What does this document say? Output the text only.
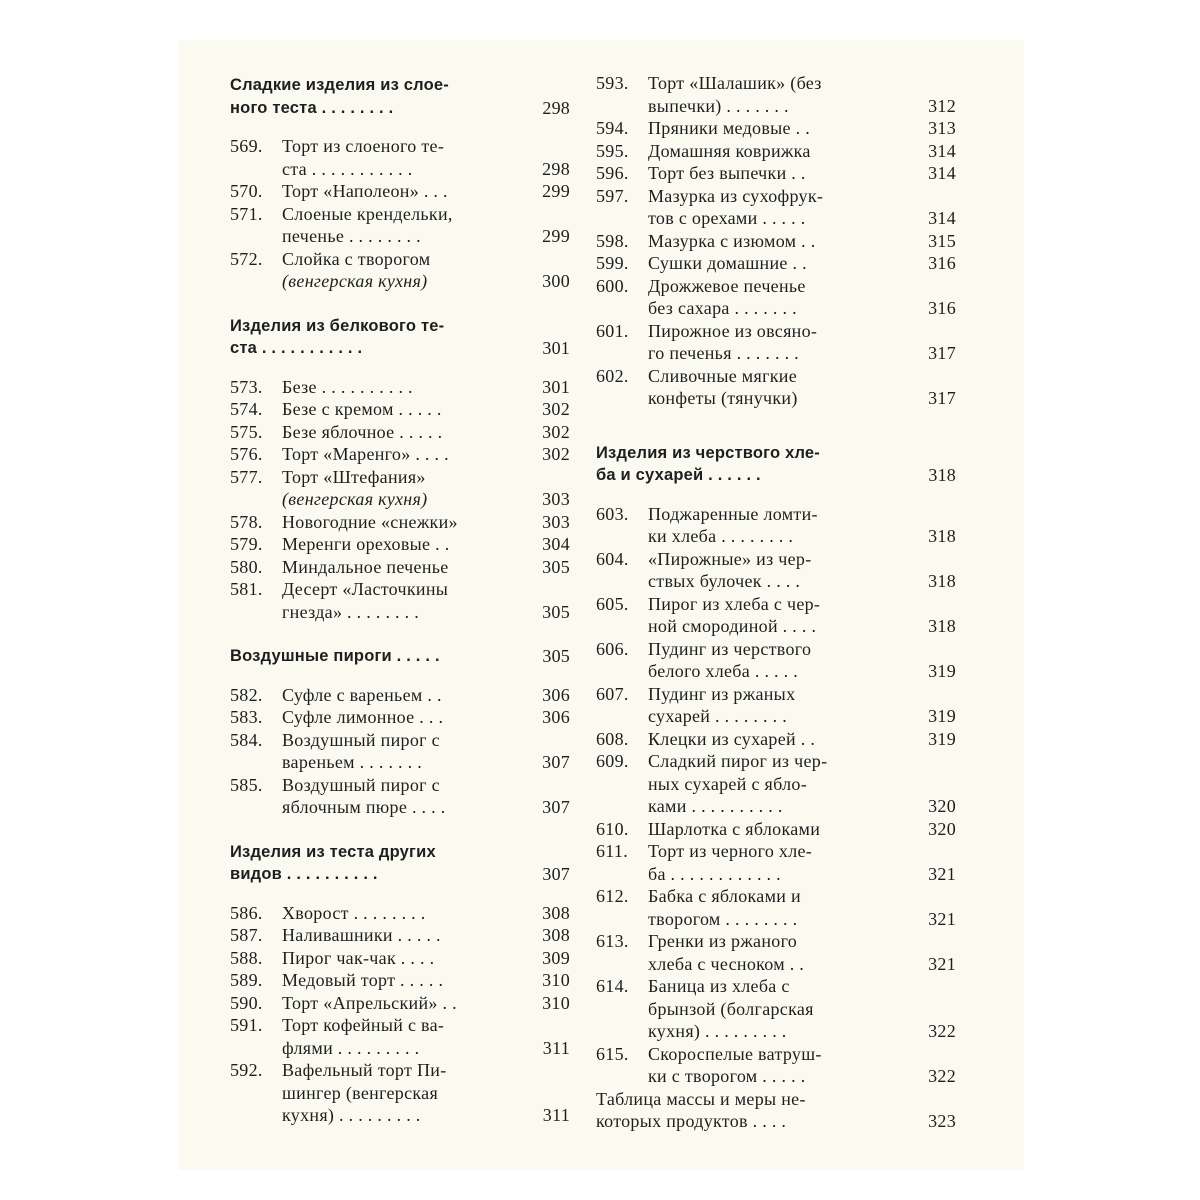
Сладкие изделия из слое-
ного теста . . . . . . . .	298
569.	Торт из слоеного те-
ста . . . . . . . . . . .	298
570.	Торт «Наполеон» . . .	299
571.	Слоеные крендельки,
печенье . . . . . . . .	299
572.	Слойка с творогом
(венгерская кухня)	300
Изделия из белкового те-
ста . . . . . . . . . . .	301
573.	Безе . . . . . . . . . .	301
574.	Безе с кремом . . . . .	302
575.	Безе яблочное . . . . .	302
576.	Торт «Маренго» . . . .	302
577.	Торт «Штефания»
(венгерская кухня)	303
578.	Новогодние «снежки»	303
579.	Меренги ореховые . .	304
580.	Миндальное печенье	305
581.	Десерт «Ласточкины
гнезда» . . . . . . . .	305
Воздушные пироги . . . . .	305
582.	Суфле с вареньем . .	306
583.	Суфле лимонное . . .	306
584.	Воздушный пирог с
вареньем . . . . . . .	307
585.	Воздушный пирог с
яблочным пюре . . . .	307
Изделия из теста других
видов . . . . . . . . . .	307
586.	Хворост . . . . . . . .	308
587.	Наливашники . . . . .	308
588.	Пирог чак-чак . . . .	309
589.	Медовый торт . . . . .	310
590.	Торт «Апрельский» . .	310
591.	Торт кофейный с ва-
флями . . . . . . . . .	311
592.	Вафельный торт Пи-
шингер (венгерская
кухня) . . . . . . . . .	311
593.	Торт «Шалашик» (без
выпечки) . . . . . . .	312
594.	Пряники медовые . .	313
595.	Домашняя коврижка	314
596.	Торт без выпечки . .	314
597.	Мазурка из сухофрук-
тов с орехами . . . . .	314
598.	Мазурка с изюмом . .	315
599.	Сушки домашние . .	316
600.	Дрожжевое печенье
без сахара . . . . . . .	316
601.	Пирожное из овсяно-
го печенья . . . . . . .	317
602.	Сливочные мягкие
конфеты (тянучки)	317
Изделия из черствого хле-
ба и сухарей . . . . . .	318
603.	Поджаренные ломти-
ки хлеба . . . . . . . .	318
604.	«Пирожные» из чер-
ствых булочек . . . .	318
605.	Пирог из хлеба с чер-
ной смородиной . . . .	318
606.	Пудинг из черствого
белого хлеба . . . . .	319
607.	Пудинг из ржаных
сухарей . . . . . . . .	319
608.	Клецки из сухарей . .	319
609.	Сладкий пирог из чер-
ных сухарей с ябло-
ками . . . . . . . . . .	320
610.	Шарлотка с яблоками	320
611.	Торт из черного хле-
ба . . . . . . . . . . . .	321
612.	Бабка с яблоками и
творогом . . . . . . . .	321
613.	Гренки из ржаного
хлеба с чесноком . .	321
614.	Баница из хлеба с
брынзой (болгарская
кухня) . . . . . . . . .	322
615.	Скороспелые ватруш-
ки с творогом . . . . .	322
Таблица массы и меры не-
которых продуктов . . . .	323
